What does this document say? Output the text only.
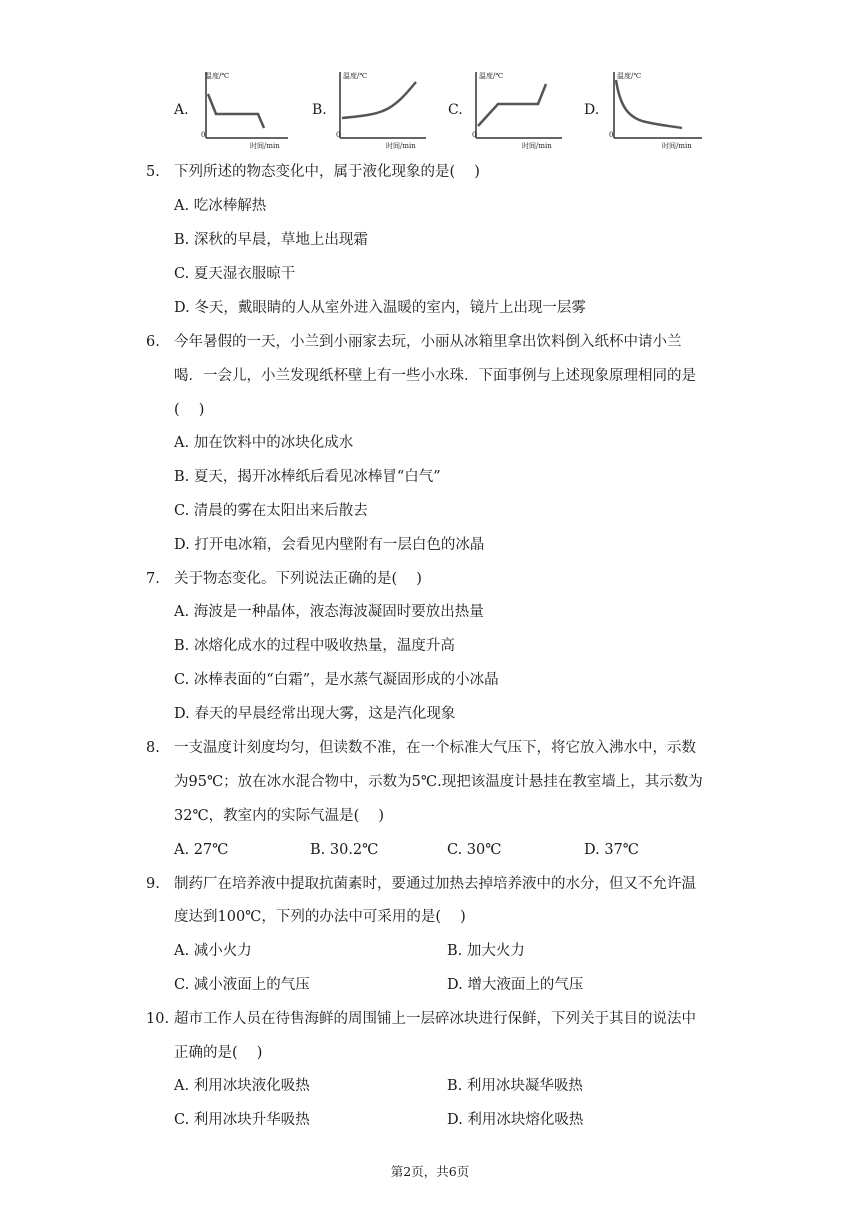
A.	B.	C.	D.
温度/℃
时间/min
0
温度/℃
时间/min
0
温度/℃
时间/min
0
温度/℃
时间/min
0
5. 下列所述的物态变化中，属于液化现象的是(　 )
A. 吃冰棒解热
B. 深秋的早晨，草地上出现霜
C. 夏天湿衣服晾干
D. 冬天，戴眼睛的人从室外进入温暖的室内，镜片上出现一层雾
6. 今年暑假的一天，小兰到小丽家去玩，小丽从冰箱里拿出饮料倒入纸杯中请小兰
喝．一会儿，小兰发现纸杯壁上有一些小水珠．下面事例与上述现象原理相同的是
(　 )
A. 加在饮料中的冰块化成水
B. 夏天，揭开冰棒纸后看见冰棒冒“白气”
C. 清晨的雾在太阳出来后散去
D. 打开电冰箱，会看见内壁附有一层白色的冰晶
7. 关于物态变化。下列说法正确的是(　 )
A. 海波是一种晶体，液态海波凝固时要放出热量
B. 冰熔化成水的过程中吸收热量，温度升高
C. 冰棒表面的“白霜”，是水蒸气凝固形成的小冰晶
D. 春天的早晨经常出现大雾，这是汽化现象
8. 一支温度计刻度均匀，但读数不准，在一个标准大气压下，将它放入沸水中，示数
为95℃；放在冰水混合物中，示数为5℃.现把该温度计悬挂在教室墙上，其示数为
32℃，教室内的实际气温是(　 )
A. 27℃	B. 30.2℃	C. 30℃	D. 37℃
9. 制药厂在培养液中提取抗菌素时，要通过加热去掉培养液中的水分，但又不允许温
度达到100℃，下列的办法中可采用的是(　 )
A. 减小火力	B. 加大火力
C. 减小液面上的气压	D. 增大液面上的气压
10. 超市工作人员在待售海鲜的周围铺上一层碎冰块进行保鲜，下列关于其目的说法中
正确的是(　 )
A. 利用冰块液化吸热	B. 利用冰块凝华吸热
C. 利用冰块升华吸热	D. 利用冰块熔化吸热
第2页，共6页
